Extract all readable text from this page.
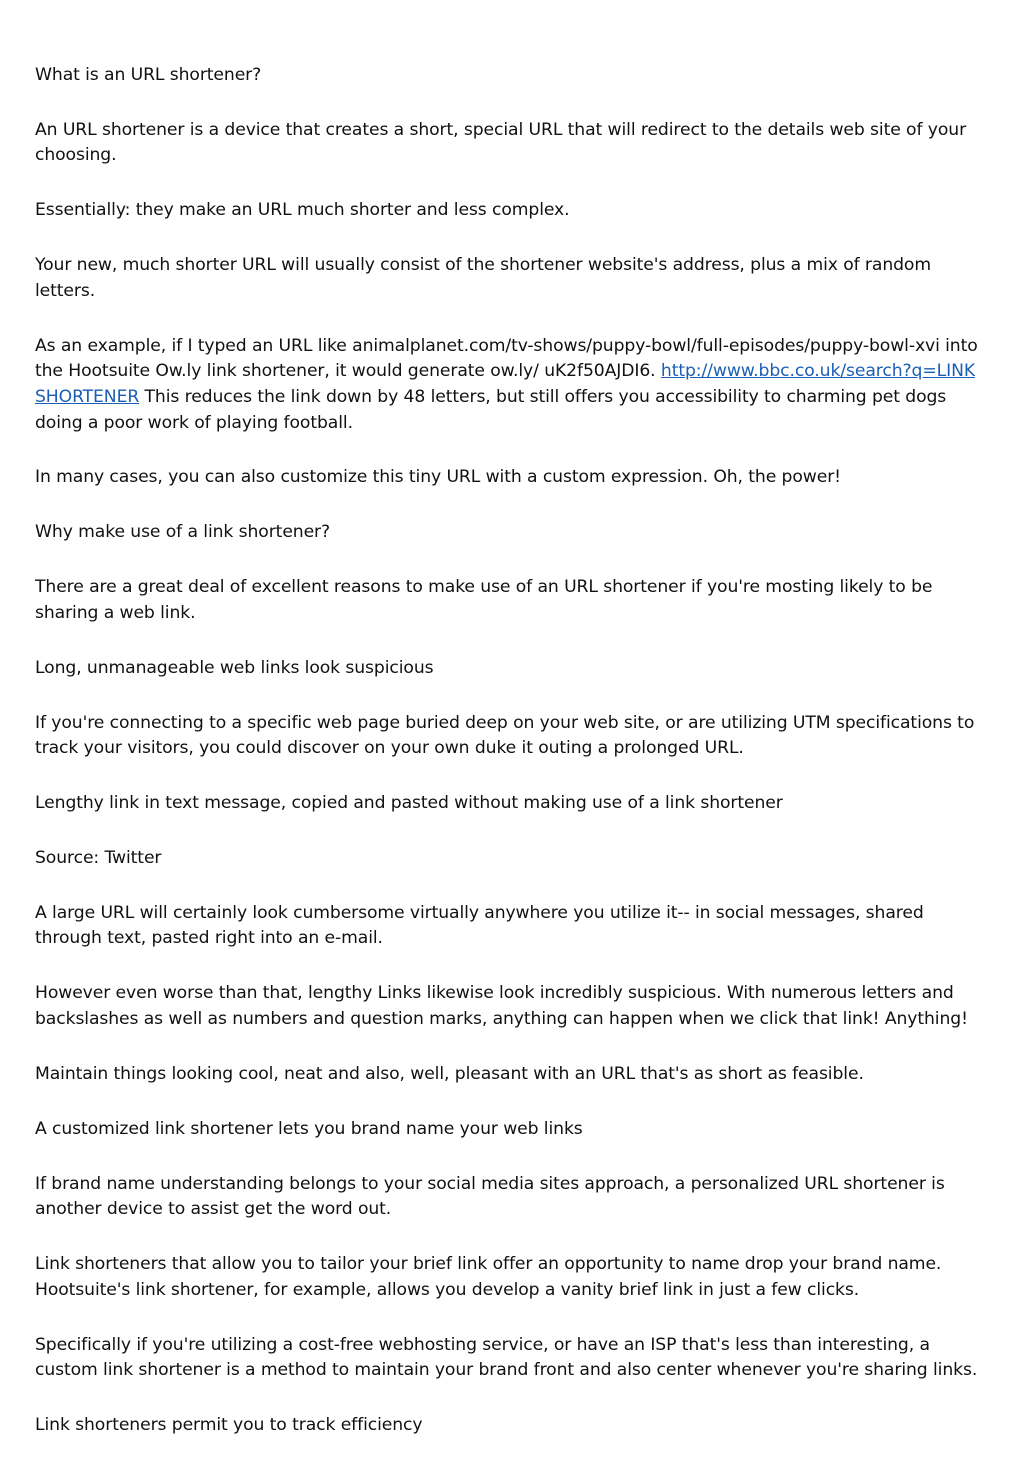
What is an URL shortener?

An URL shortener is a device that creates a short, special URL that will redirect to the details web site of your choosing.

Essentially: they make an URL much shorter and less complex.

Your new, much shorter URL will usually consist of the shortener website's address, plus a mix of random letters.

As an example, if I typed an URL like animalplanet.com/tv-shows/puppy-bowl/full-episodes/puppy-bowl-xvi into the Hootsuite Ow.ly link shortener, it would generate ow.ly/ uK2f50AJDI6. http://www.bbc.co.uk/search?q=LINK SHORTENER This reduces the link down by 48 letters, but still offers you accessibility to charming pet dogs doing a poor work of playing football.

In many cases, you can also customize this tiny URL with a custom expression. Oh, the power!

Why make use of a link shortener?

There are a great deal of excellent reasons to make use of an URL shortener if you're mosting likely to be sharing a web link.

Long, unmanageable web links look suspicious

If you're connecting to a specific web page buried deep on your web site, or are utilizing UTM specifications to track your visitors, you could discover on your own duke it outing a prolonged URL.

Lengthy link in text message, copied and pasted without making use of a link shortener

Source: Twitter

A large URL will certainly look cumbersome virtually anywhere you utilize it-- in social messages, shared through text, pasted right into an e-mail.

However even worse than that, lengthy Links likewise look incredibly suspicious. With numerous letters and backslashes as well as numbers and question marks, anything can happen when we click that link! Anything!

Maintain things looking cool, neat and also, well, pleasant with an URL that's as short as feasible.

A customized link shortener lets you brand name your web links

If brand name understanding belongs to your social media sites approach, a personalized URL shortener is another device to assist get the word out.

Link shorteners that allow you to tailor your brief link offer an opportunity to name drop your brand name. Hootsuite's link shortener, for example, allows you develop a vanity brief link in just a few clicks.

Specifically if you're utilizing a cost-free webhosting service, or have an ISP that's less than interesting, a custom link shortener is a method to maintain your brand front and also center whenever you're sharing links.

Link shorteners permit you to track efficiency
